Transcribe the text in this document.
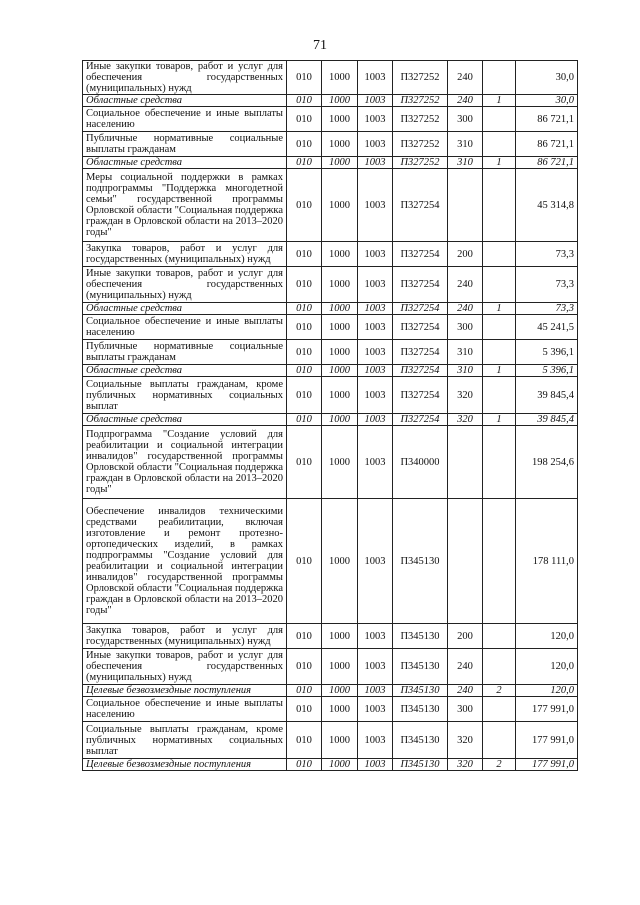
71
Иные закупки товаров, работ и услуг для обеспечения государственных (муниципальных) нужд	010	1000	1003	П327252	240		30,0
Областные средства	010	1000	1003	П327252	240	1	30,0
Социальное обеспечение и иные выплаты населению	010	1000	1003	П327252	300		86 721,1
Публичные нормативные социальные выплаты гражданам	010	1000	1003	П327252	310		86 721,1
Областные средства	010	1000	1003	П327252	310	1	86 721,1
Меры социальной поддержки в рамках подпрограммы "Поддержка многодетной семьи" государственной программы Орловской области "Социальная поддержка граждан в Орловской области на 2013–2020 годы"	010	1000	1003	П327254			45 314,8
Закупка товаров, работ и услуг для государственных (муниципальных) нужд	010	1000	1003	П327254	200		73,3
Иные закупки товаров, работ и услуг для обеспечения государственных (муниципальных) нужд	010	1000	1003	П327254	240		73,3
Областные средства	010	1000	1003	П327254	240	1	73,3
Социальное обеспечение и иные выплаты населению	010	1000	1003	П327254	300		45 241,5
Публичные нормативные социальные выплаты гражданам	010	1000	1003	П327254	310		5 396,1
Областные средства	010	1000	1003	П327254	310	1	5 396,1
Социальные выплаты гражданам, кроме публичных нормативных социальных выплат	010	1000	1003	П327254	320		39 845,4
Областные средства	010	1000	1003	П327254	320	1	39 845,4
Подпрограмма "Создание условий для реабилитации и социальной интеграции инвалидов" государственной программы Орловской области "Социальная поддержка граждан в Орловской области на 2013–2020 годы"	010	1000	1003	П340000			198 254,6
Обеспечение инвалидов техническими средствами реабилитации, включая изготовление и ремонт протезно-ортопедических изделий, в рамках подпрограммы "Создание условий для реабилитации и социальной интеграции инвалидов" государственной программы Орловской области "Социальная поддержка граждан в Орловской области на 2013–2020 годы"	010	1000	1003	П345130			178 111,0
Закупка товаров, работ и услуг для государственных (муниципальных) нужд	010	1000	1003	П345130	200		120,0
Иные закупки товаров, работ и услуг для обеспечения государственных (муниципальных) нужд	010	1000	1003	П345130	240		120,0
Целевые безвозмездные поступления	010	1000	1003	П345130	240	2	120,0
Социальное обеспечение и иные выплаты населению	010	1000	1003	П345130	300		177 991,0
Социальные выплаты гражданам, кроме публичных нормативных социальных выплат	010	1000	1003	П345130	320		177 991,0
Целевые безвозмездные поступления	010	1000	1003	П345130	320	2	177 991,0
